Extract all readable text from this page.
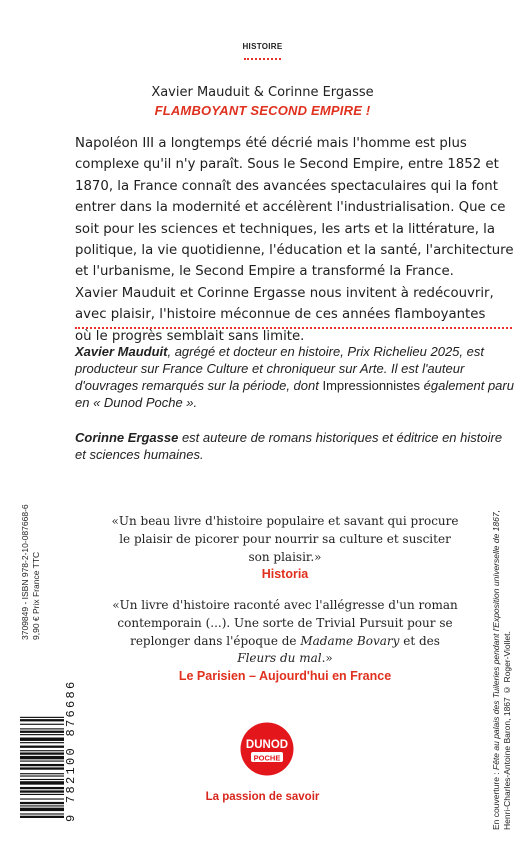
HISTOIRE
Xavier Mauduit & Corinne Ergasse
FLAMBOYANT SECOND EMPIRE !
Napoléon III a longtemps été décrié mais l'homme est plus
complexe qu'il n'y paraît. Sous le Second Empire, entre 1852 et
1870, la France connaît des avancées spectaculaires qui la font
entrer dans la modernité et accélèrent l'industrialisation. Que ce
soit pour les sciences et techniques, les arts et la littérature, la
politique, la vie quotidienne, l'éducation et la santé, l'architecture
et l'urbanisme, le Second Empire a transformé la France.
Xavier Mauduit et Corinne Ergasse nous invitent à redécouvrir,
avec plaisir, l'histoire méconnue de ces années flamboyantes
où le progrès semblait sans limite.

Xavier Mauduit, agrégé et docteur en histoire, Prix Richelieu 2025, est producteur sur France Culture et chroniqueur sur Arte. Il est l'auteur d'ouvrages remarqués sur la période, dont Impressionnistes également paru en « Dunod Poche ».

Corinne Ergasse est auteure de romans historiques et éditrice en histoire et sciences humaines.

«Un beau livre d'histoire populaire et savant qui procure le plaisir de picorer pour nourrir sa culture et susciter son plaisir.»
Historia

«Un livre d'histoire raconté avec l'allégresse d'un roman contemporain (...). Une sorte de Trivial Pursuit pour se replonger dans l'époque de Madame Bovary et des Fleurs du mal.»
Le Parisien – Aujourd'hui en France

3709849 - ISBN 978-2-10-087668-6 9,90 € Prix France TTC
9 782100 876686	En couverture : Fête au palais des Tuileries pendant l'Exposition universelle de 1867, Henri-Charles-Antoine Baron, 1867 © Roger-Viollet.
DUNOD
POCHE
La passion de savoir
